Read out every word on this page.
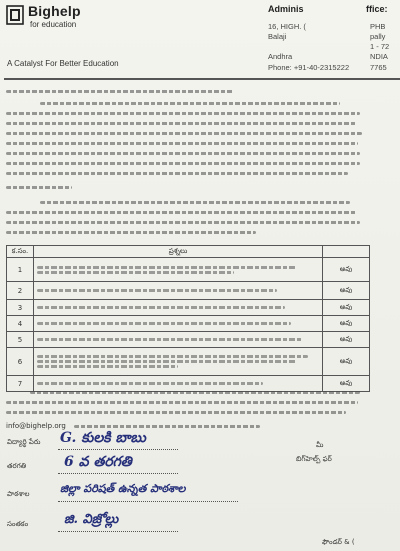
Bighelp
for education
A Catalyst For Better Education
Adminis
16, HIGH. (
Balaji
Andhra
Phone: +91-40-2315222
ffice:
PHB
pally
1 - 72
NDIA
7765
క.సం.	ప్రశ్నలు	
1		అవు
2		అవు
3		అవు
4		అవు
5		అవు
6		అవు
7		అవు
info@bighelp.org
విద్యార్థి పేరు G. కులకి బాబు
తరగతి	6 వ తరగతి
పాఠశాల	జిల్లా పరిషత్ ఉన్నత పాఠశాల
సంతకం	జి. విజ్రోల్లు
మీ
బిగ్‌హెల్ప్ ఫర్
ఫౌండర్ & (
